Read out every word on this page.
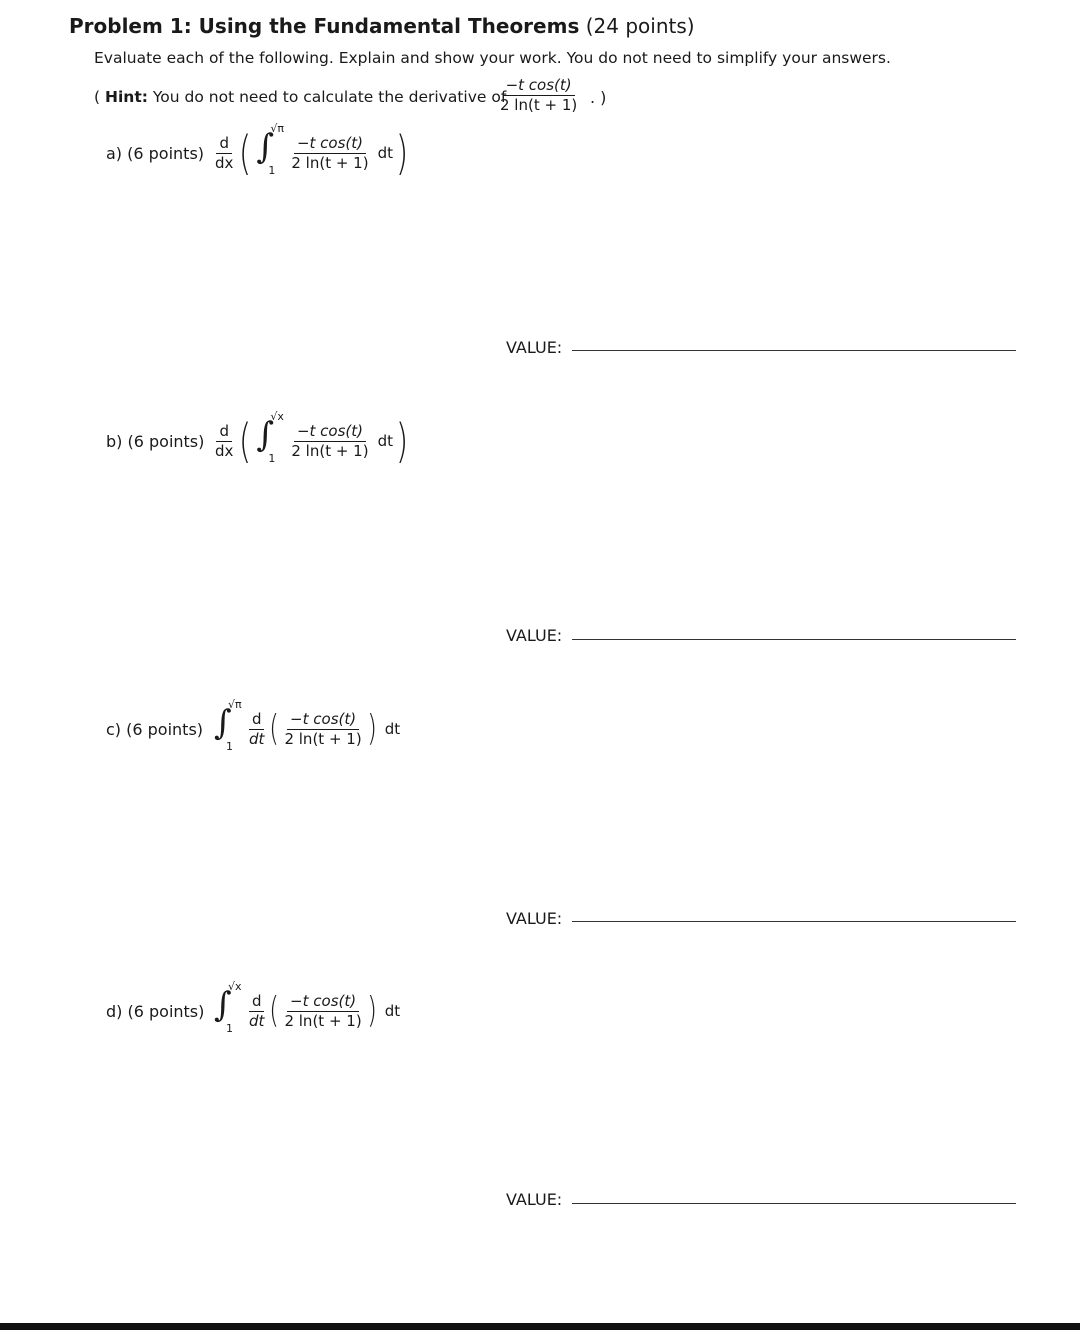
Problem 1: Using the Fundamental Theorems (24 points)
Evaluate each of the following. Explain and show your work. You do not need to simplify your answers.
( Hint: You do not need to calculate the derivative of
$\frac{\text{−t cos(t)}}{2 \ln(t + 1)}$ . )
a) (6 points) $\frac{d}{dx}$ ( ∫
√π
$1 \frac{\text{−t cos(t)}}{2 \ln(t + 1)}$ dt )
VALUE:
b) (6 points) $\frac{d}{dx}$ ( ∫
√x
$1 \frac{\text{−t cos(t)}}{2 \ln(t + 1)}$ dt )
VALUE:
c) (6 points) ∫
√π
$1 \frac{d}{dt}$ ( $\frac{\text{−t cos(t)}}{2 \ln(t + 1)}$ ) dt
VALUE:
d) (6 points) ∫
√x
$1 \frac{d}{dt}$ ( $\frac{\text{−t cos(t)}}{2 \ln(t + 1)}$ ) dt
VALUE:
